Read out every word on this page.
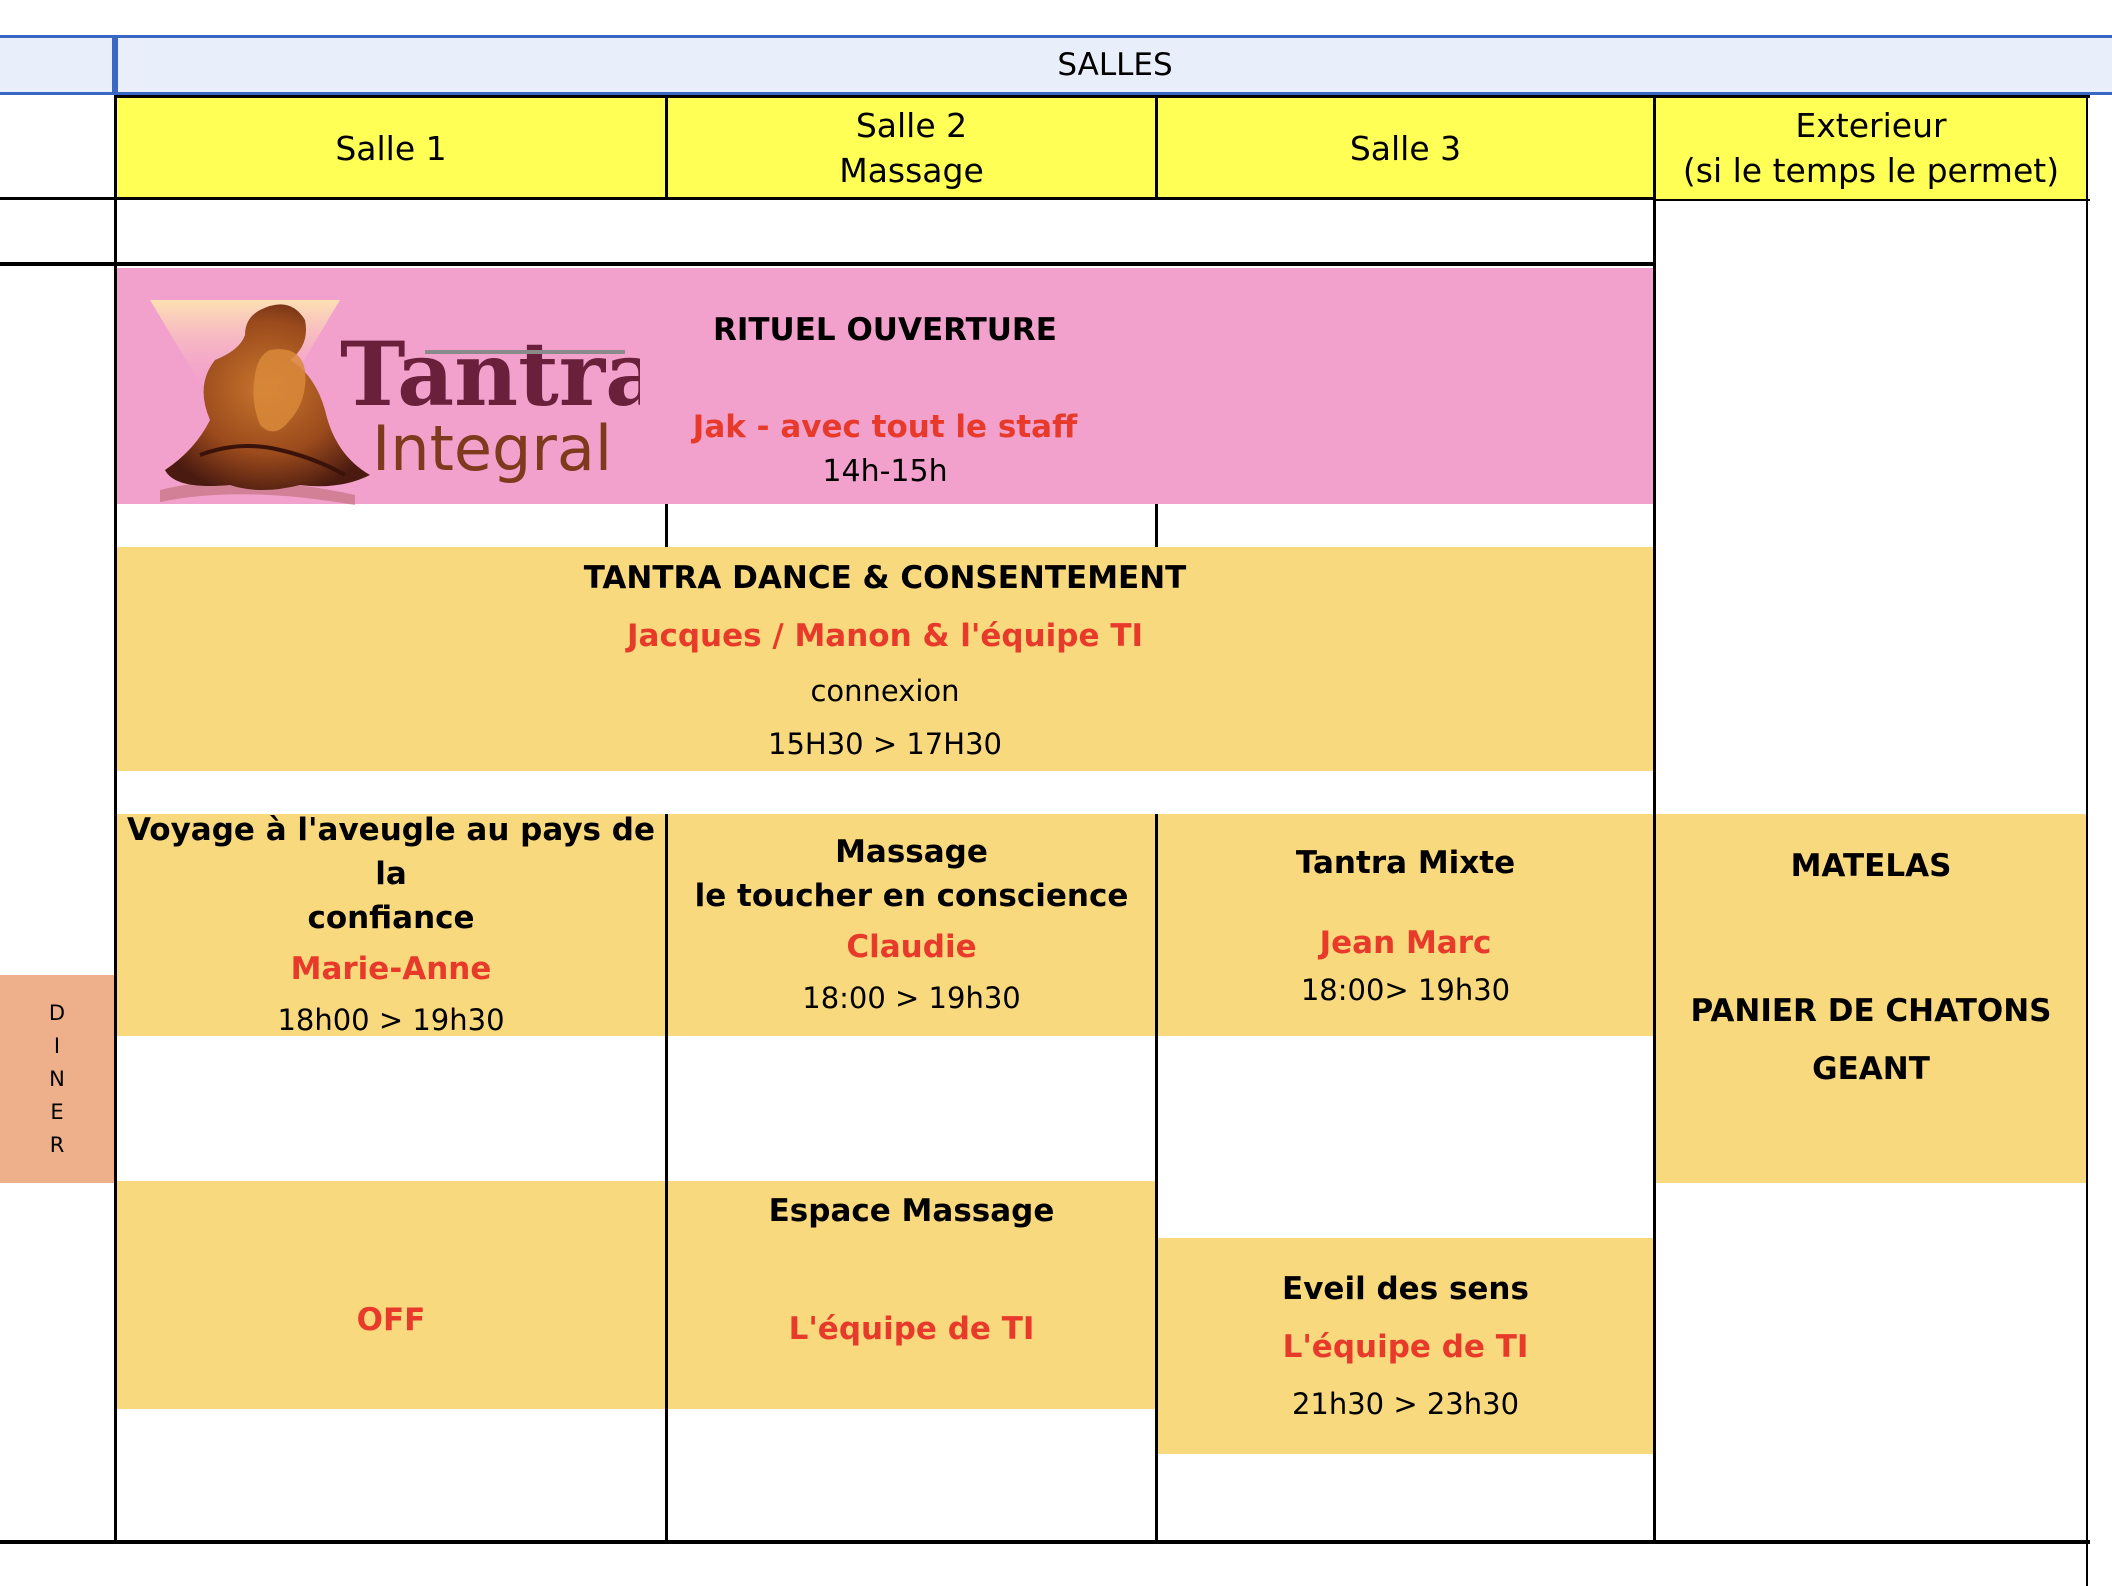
SALLES
Salle 1
Salle 2
Massage
Salle 3
Exterieur
(si le temps le permet)
Tantra
Integral
RITUEL OUVERTURE
Jak - avec tout le staff
14h-15h
TANTRA DANCE & CONSENTEMENT
Jacques / Manon & l'équipe TI
connexion
15H30 > 17H30
Voyage à l'aveugle au pays de la
confiance
Marie-Anne
18h00 > 19h30
Massage
le toucher en conscience
Claudie
18:00 > 19h30
Tantra Mixte
Jean Marc
18:00> 19h30
MATELAS
PANIER DE CHATONS
GEANT
D I N E R
OFF
Espace Massage
L'équipe de TI
Eveil des sens
L'équipe de TI
21h30 > 23h30
